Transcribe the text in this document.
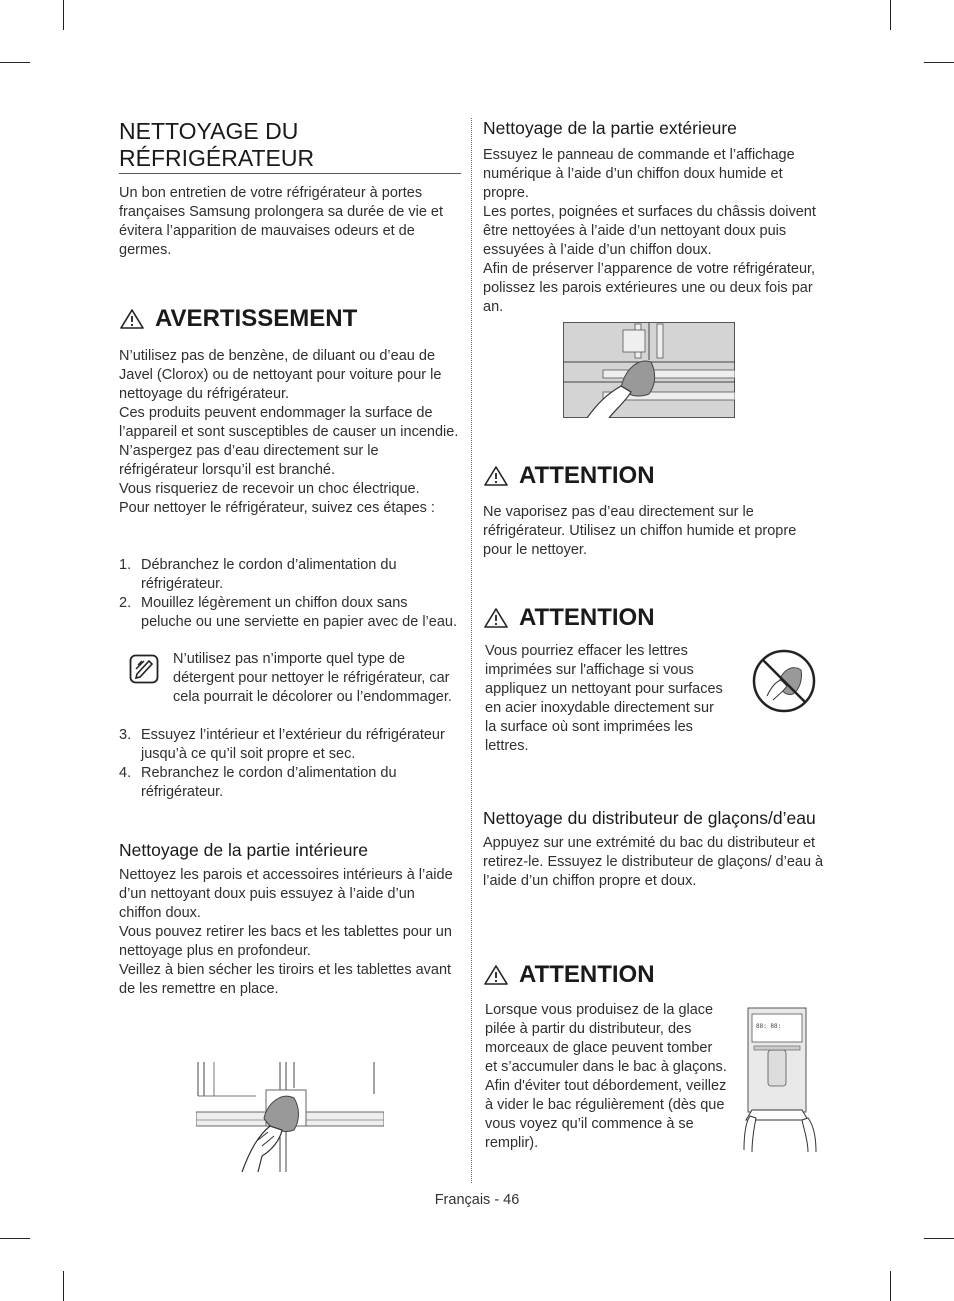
NETTOYAGE DU RÉFRIGÉRATEUR

Un bon entretien de votre réfrigérateur à portes françaises Samsung prolongera sa durée de vie et évitera l’apparition de mauvaises odeurs et de germes.

AVERTISSEMENT

N’utilisez pas de benzène, de diluant ou d’eau de Javel (Clorox) ou de nettoyant pour voiture pour le nettoyage du réfrigérateur.
Ces produits peuvent endommager la surface de l’appareil et sont susceptibles de causer un incendie. N’aspergez pas d’eau directement sur le réfrigérateur lorsqu’il est branché.
Vous risqueriez de recevoir un choc électrique.
Pour nettoyer le réfrigérateur, suivez ces étapes :

1. Débranchez le cordon d’alimentation du réfrigérateur.
2. Mouillez légèrement un chiffon doux sans peluche ou une serviette en papier avec de l’eau.

N’utilisez pas n’importe quel type de détergent pour nettoyer le réfrigérateur, car cela pourrait le décolorer ou l’endommager.

3. Essuyez l’intérieur et l’extérieur du réfrigérateur jusqu’à ce qu’il soit propre et sec.
4. Rebranchez le cordon d’alimentation du réfrigérateur.
Nettoyage de la partie intérieure

Nettoyez les parois et accessoires intérieurs à l’aide d’un nettoyant doux puis essuyez à l’aide d’un chiffon doux.
Vous pouvez retirer les bacs et les tablettes pour un nettoyage plus en profondeur.
Veillez à bien sécher les tiroirs et les tablettes avant de les remettre en place.

Nettoyage de la partie extérieure

Essuyez le panneau de commande et l’affichage numérique à l’aide d’un chiffon doux humide et propre.
Les portes, poignées et surfaces du châssis doivent être nettoyées à l’aide d’un nettoyant doux puis essuyées à l’aide d’un chiffon doux.
Afin de préserver l’apparence de votre réfrigérateur, polissez les parois extérieures une ou deux fois par an.

ATTENTION

Ne vaporisez pas d’eau directement sur le réfrigérateur. Utilisez un chiffon humide et propre pour le nettoyer.

ATTENTION

Vous pourriez effacer les lettres imprimées sur l'affichage si vous appliquez un nettoyant pour surfaces en acier inoxydable directement sur la surface où sont imprimées les lettres.

Nettoyage du distributeur de glaçons/d’eau

Appuyez sur une extrémité du bac du distributeur et retirez-le. Essuyez le distributeur de glaçons/ d’eau à l’aide d’un chiffon propre et doux.

ATTENTION

Lorsque vous produisez de la glace pilée à partir du distributeur, des morceaux de glace peuvent tomber et s’accumuler dans le bac à glaçons.
Afin d'éviter tout débordement, veillez à vider le bac régulièrement (dès que vous voyez qu’il commence à se remplir).

88: 88:
Français - 46
